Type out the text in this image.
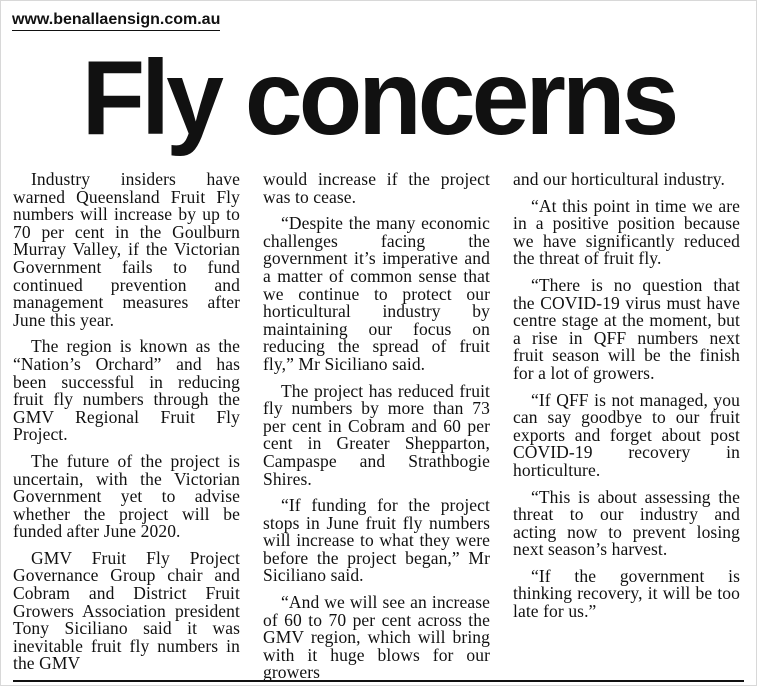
www.benallaensign.com.au
Fly concerns

Industry insiders have warned Queensland Fruit Fly numbers will increase by up to 70 per cent in the Goulburn Murray Valley, if the Victorian Government fails to fund continued prevention and management measures after June this year.

The region is known as the “Nation’s Orchard” and has been successful in reducing fruit fly numbers through the GMV Regional Fruit Fly Project.

The future of the project is uncertain, with the Victorian Government yet to advise whether the project will be funded after June 2020.

GMV Fruit Fly Project Governance Group chair and Cobram and District Fruit Growers Association president Tony Siciliano said it was inevitable fruit fly numbers in the GMV

would increase if the project was to cease.

“Despite the many economic challenges facing the government it’s imperative and a matter of common sense that we continue to protect our horticultural industry by maintaining our focus on reducing the spread of fruit fly,” Mr Siciliano said.

The project has reduced fruit fly numbers by more than 73 per cent in Cobram and 60 per cent in Greater Shepparton, Campaspe and Strathbogie Shires.

“If funding for the project stops in June fruit fly numbers will increase to what they were before the project began,” Mr Siciliano said.

“And we will see an increase of 60 to 70 per cent across the GMV region, which will bring with it huge blows for our growers

and our horticultural industry.

“At this point in time we are in a positive position because we have significantly reduced the threat of fruit fly.

“There is no question that the COVID-19 virus must have centre stage at the moment, but a rise in QFF numbers next fruit season will be the finish for a lot of growers.

“If QFF is not managed, you can say goodbye to our fruit exports and forget about post COVID-19 recovery in horticulture.

“This is about assessing the threat to our industry and acting now to prevent losing next season’s harvest.

“If the government is thinking recovery, it will be too late for us.”
